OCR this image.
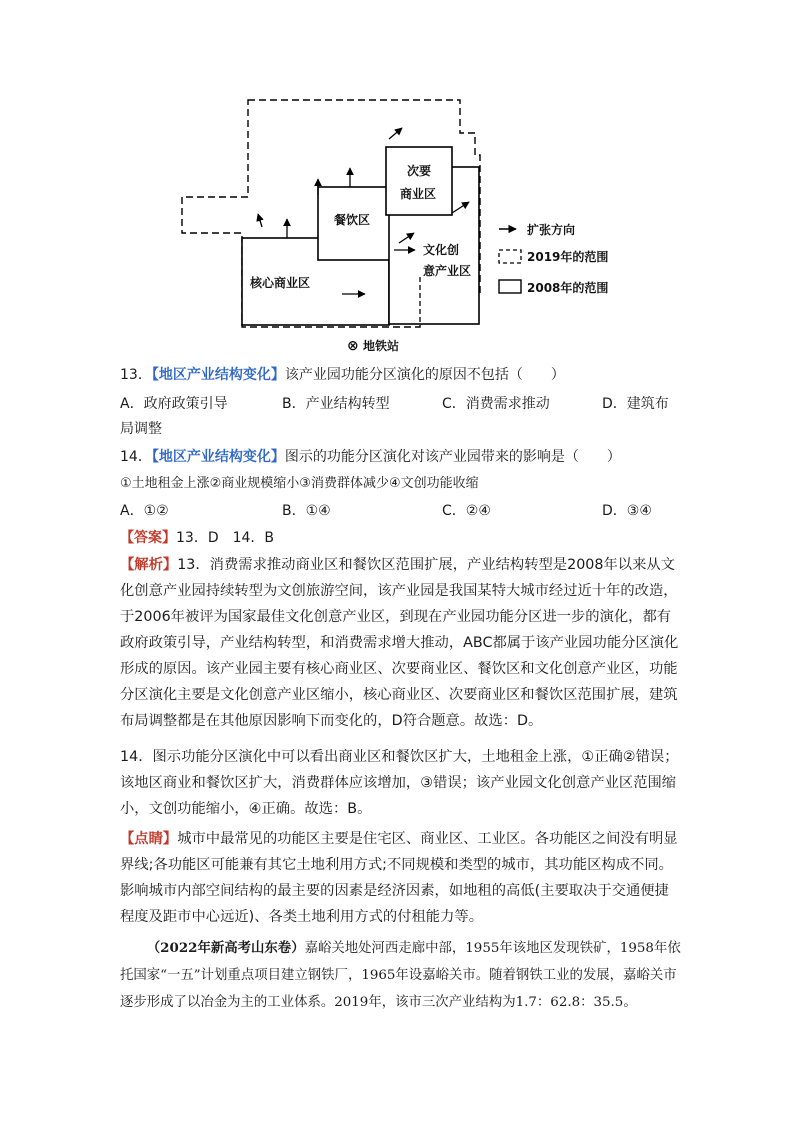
核心商业区
餐饮区
次要
商业区
文化创
意产业区
扩张方向
2019年的范围
2008年的范围
⊗ 地铁站

13．【地区产业结构变化】该产业园功能分区演化的原因不包括（　　）

A．政府政策引导	B．产业结构转型	C．消费需求推动	D．建筑布
局调整

14．【地区产业结构变化】图示的功能分区演化对该产业园带来的影响是（　　）

①土地租金上涨②商业规模缩小③消费群体减少④文创功能收缩

A．①②	B．①④	C．②④	D．③④

【答案】13．D　14．B

【解析】13．消费需求推动商业区和餐饮区范围扩展，产业结构转型是2008年以来从文化创意产业园持续转型为文创旅游空间，该产业园是我国某特大城市经过近十年的改造，于2006年被评为国家最佳文化创意产业区，到现在产业园功能分区进一步的演化，都有政府政策引导，产业结构转型，和消费需求增大推动，ABC都属于该产业园功能分区演化形成的原因。该产业园主要有核心商业区、次要商业区、餐饮区和文化创意产业区，功能分区演化主要是文化创意产业区缩小，核心商业区、次要商业区和餐饮区范围扩展，建筑布局调整都是在其他原因影响下而变化的，D符合题意。故选：D。

14．图示功能分区演化中可以看出商业区和餐饮区扩大，土地租金上涨，①正确②错误；该地区商业和餐饮区扩大，消费群体应该增加，③错误；该产业园文化创意产业区范围缩小，文创功能缩小，④正确。故选：B。

【点睛】城市中最常见的功能区主要是住宅区、商业区、工业区。各功能区之间没有明显界线;各功能区可能兼有其它土地利用方式;不同规模和类型的城市，其功能区构成不同。影响城市内部空间结构的最主要的因素是经济因素，如地租的高低(主要取决于交通便捷程度及距市中心远近)、各类土地利用方式的付租能力等。

（2022年新高考山东卷）嘉峪关地处河西走廊中部，1955年该地区发现铁矿，1958年依托国家“一五”计划重点项目建立钢铁厂，1965年设嘉峪关市。随着钢铁工业的发展，嘉峪关市逐步形成了以冶金为主的工业体系。2019年，该市三次产业结构为1.7：62.8：35.5。
